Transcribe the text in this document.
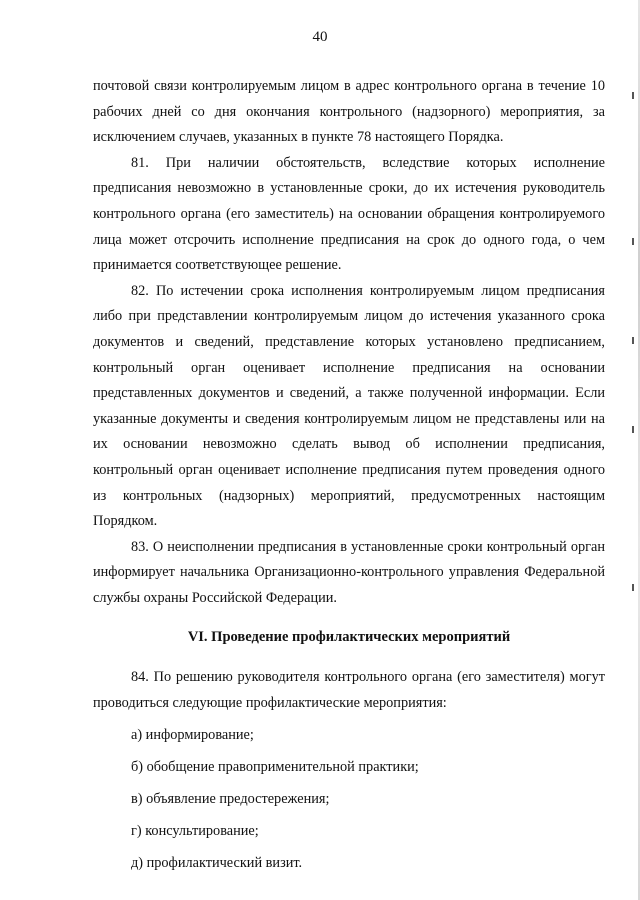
40

почтовой связи контролируемым лицом в адрес контрольного органа в течение 10 рабочих дней со дня окончания контрольного (надзорного) мероприятия, за исключением случаев, указанных в пункте 78 настоящего Порядка.

81. При наличии обстоятельств, вследствие которых исполнение предписания невозможно в установленные сроки, до их истечения руководитель контрольного органа (его заместитель) на основании обращения контролируемого лица может отсрочить исполнение предписания на срок до одного года, о чем принимается соответствующее решение.

82. По истечении срока исполнения контролируемым лицом предписания либо при представлении контролируемым лицом до истечения указанного срока документов и сведений, представление которых установлено предписанием, контрольный орган оценивает исполнение предписания на основании представленных документов и сведений, а также полученной информации. Если указанные документы и сведения контролируемым лицом не представлены или на их основании невозможно сделать вывод об исполнении предписания, контрольный орган оценивает исполнение предписания путем проведения одного из контрольных (надзорных) мероприятий, предусмотренных настоящим Порядком.

83. О неисполнении предписания в установленные сроки контрольный орган информирует начальника Организационно-контрольного управления Федеральной службы охраны Российской Федерации.

VI. Проведение профилактических мероприятий

84. По решению руководителя контрольного органа (его заместителя) могут проводиться следующие профилактические мероприятия:

а) информирование;

б) обобщение правоприменительной практики;

в) объявление предостережения;

г) консультирование;

д) профилактический визит.
